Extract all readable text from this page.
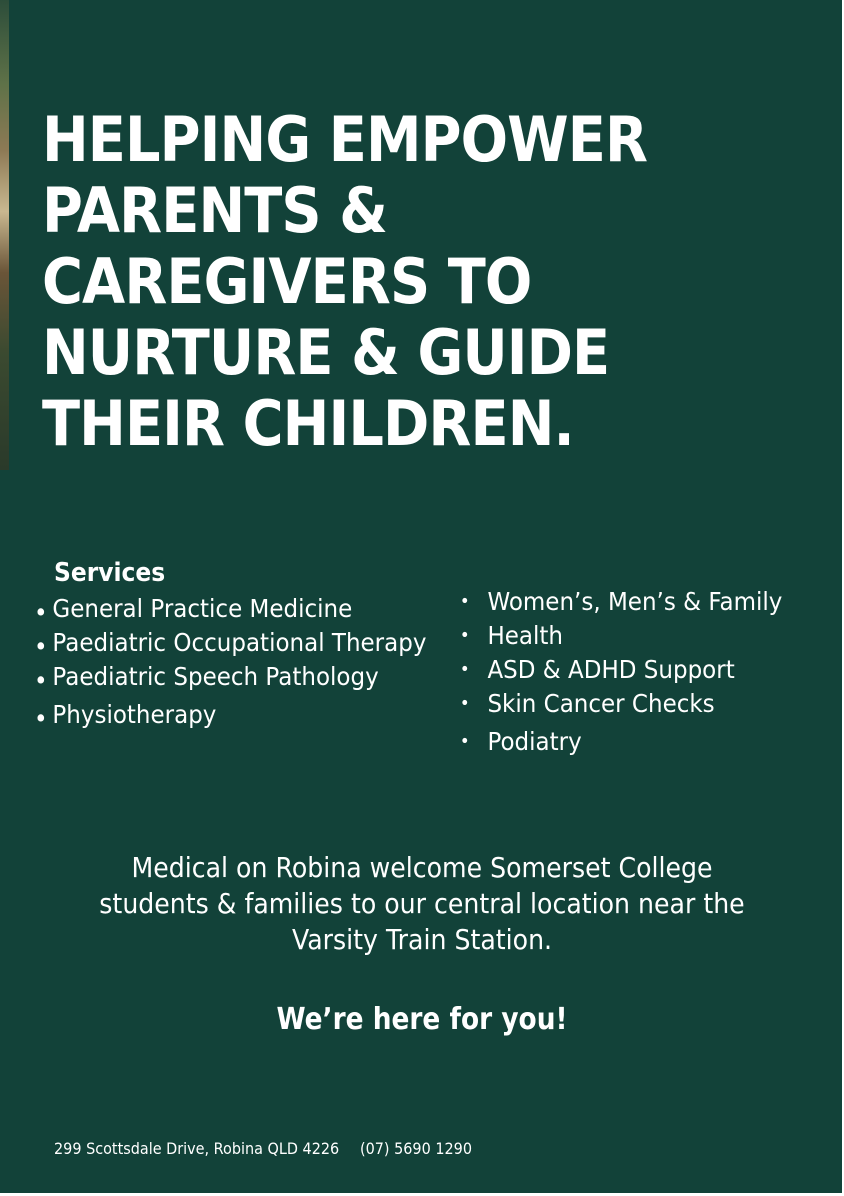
HELPING EMPOWER
PARENTS &
CAREGIVERS TO
NURTURE & GUIDE
THEIR CHILDREN.
Services
• General Practice Medicine
• Paediatric Occupational Therapy
• Paediatric Speech Pathology
• Physiotherapy
• Women’s, Men’s & Family
• Health
• ASD & ADHD Support
• Skin Cancer Checks
• Podiatry
Medical on Robina welcome Somerset College
students & families to our central location near the
Varsity Train Station.
We’re here for you!
299 Scottsdale Drive, Robina QLD 4226 (07) 5690 1290
